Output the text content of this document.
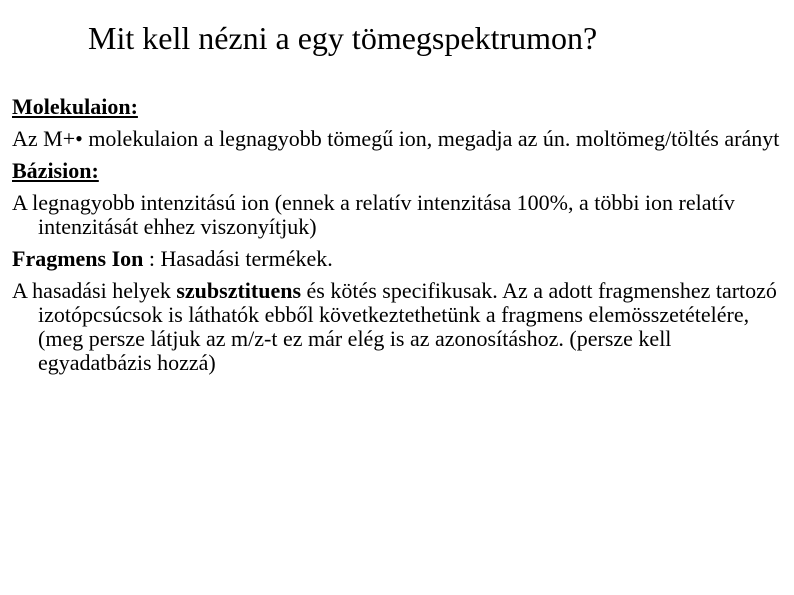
Mit kell nézni a egy tömegspektrumon?

Molekulaion:

Az M+• molekulaion a legnagyobb tömegű ion, megadja az ún. moltömeg/töltés arányt

Bázision:

A legnagyobb intenzitású ion (ennek a relatív intenzitása 100%, a többi ion relatív intenzitását ehhez viszonyítjuk)

Fragmens Ion : Hasadási termékek.

A hasadási helyek szubsztituens és kötés specifikusak. Az a adott fragmenshez tartozó izotópcsúcsok is láthatók ebből következtethetünk a fragmens elemösszetételére, (meg persze látjuk az m/z-t ez már elég is az azonosításhoz. (persze kell egyadatbázis hozzá)
